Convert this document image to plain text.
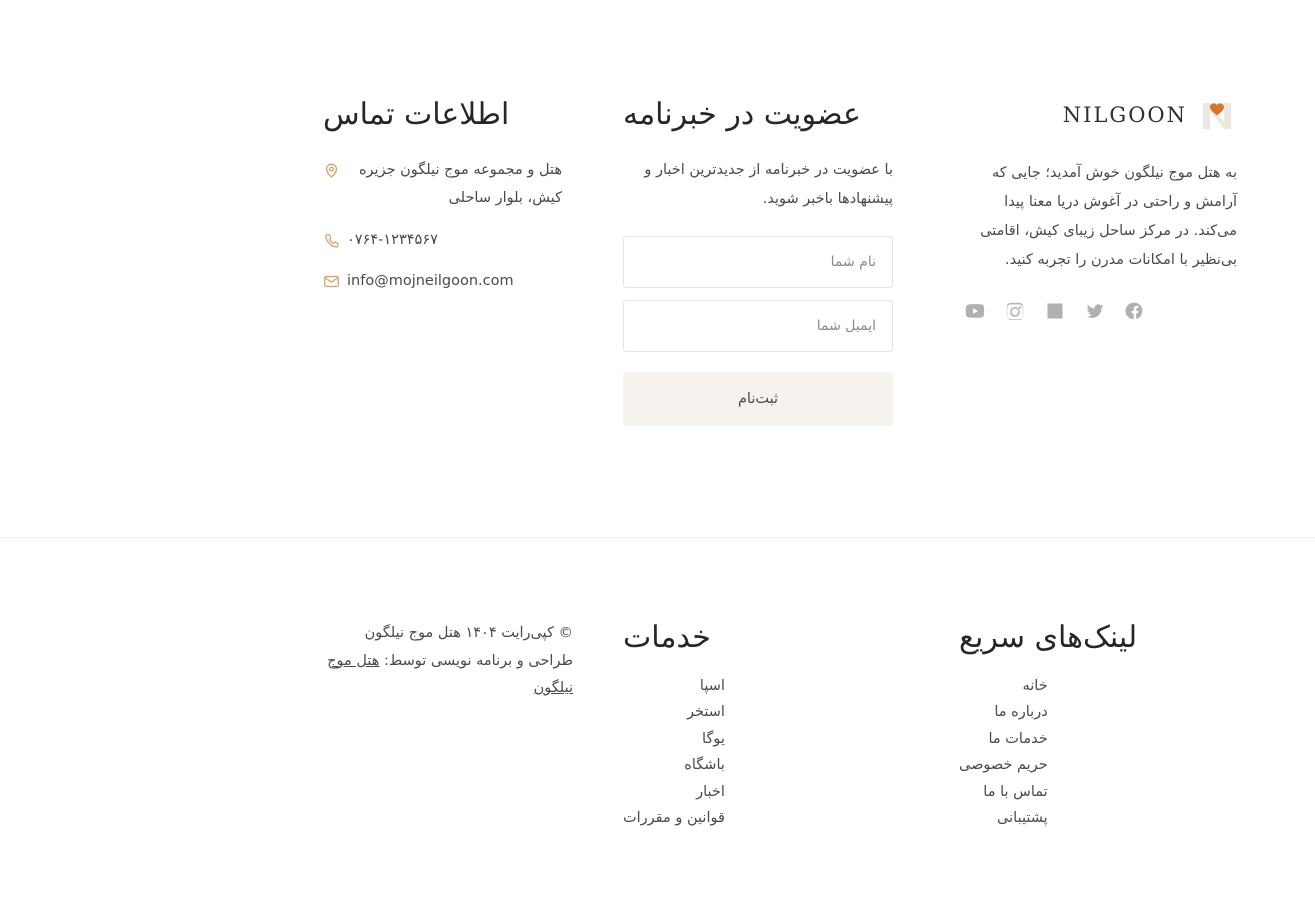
NILGOON

به هتل موج نیلگون خوش آمدید؛ جایی که آرامش و راحتی در آغوش دریا معنا پیدا می‌کند. در مرکز ساحل زیبای کیش، اقامتی بی‌نظیر با امکانات مدرن را تجربه کنید.

عضویت در خبرنامه

با عضویت در خبرنامه از جدیدترین اخبار و پیشنهادها باخبر شوید.

نام شما
ایمیل شما
ثبت‌نام
اطلاعات تماس
هتل و مجموعه موج نیلگون جزیره کیش، بلوار ساحلی
۰۷۶۴-۱۲۳۴۵۶۷
info@mojneilgoon.com
لینک‌های سریع
خانه
درباره ما
خدمات ما
حریم خصوصی
تماس با ما
پشتیبانی
خدمات
اسپا
استخر
یوگا
باشگاه
اخبار
قوانین و مقررات

© کپی‌رایت ۱۴۰۴ هتل موج نیلگون

طراحی و برنامه نویسی توسط: هتل موج نیلگون
